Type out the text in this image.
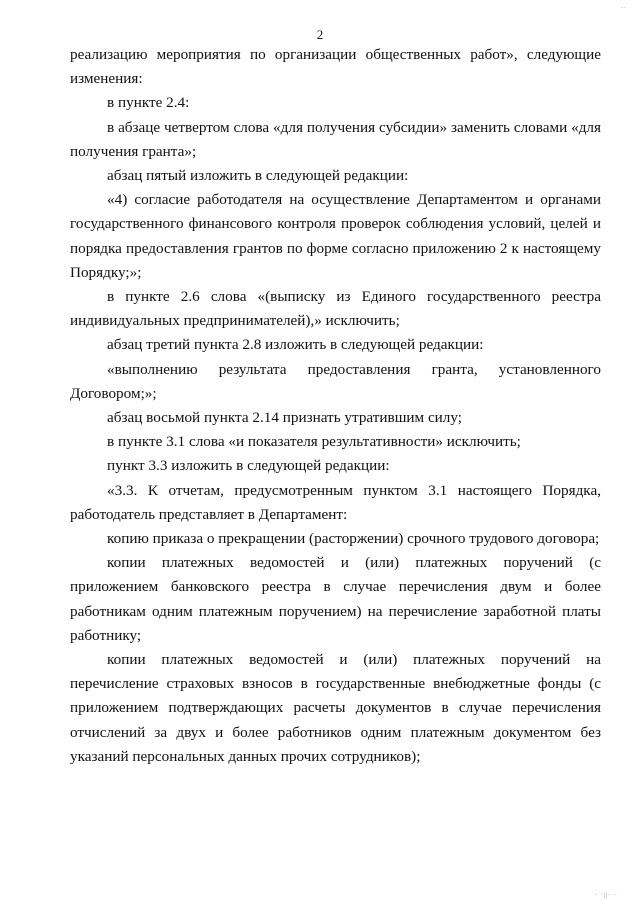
..
2

реализацию мероприятия по организации общественных работ», следующие изменения:

в пункте 2.4:

в абзаце четвертом слова «для получения субсидии» заменить словами «для получения гранта»;

абзац пятый изложить в следующей редакции:

«4) согласие работодателя на осуществление Департаментом и органами государственного финансового контроля проверок соблюдения условий, целей и порядка предоставления грантов по форме согласно приложению 2 к настоящему Порядку;»;

в пункте 2.6 слова «(выписку из Единого государственного реестра индивидуальных предпринимателей),» исключить;

абзац третий пункта 2.8 изложить в следующей редакции:

«выполнению результата предоставления гранта, установленного Договором;»;

абзац восьмой пункта 2.14 признать утратившим силу;

в пункте 3.1 слова «и показателя результативности» исключить;

пункт 3.3 изложить в следующей редакции:

«3.3. К отчетам, предусмотренным пунктом 3.1 настоящего Порядка, работодатель представляет в Департамент:

копию приказа о прекращении (расторжении) срочного трудового договора;

копии платежных ведомостей и (или) платежных поручений (с приложением банковского реестра в случае перечисления двум и более работникам одним платежным поручением) на перечисление заработной платы работнику;

копии платежных ведомостей и (или) платежных поручений на перечисление страховых взносов в государственные внебюджетные фонды (с приложением подтверждающих расчеты документов в случае перечисления отчислений за двух и более работников одним платежным документом без указаний персональных данных прочих сотрудников);

· ·||· ·
